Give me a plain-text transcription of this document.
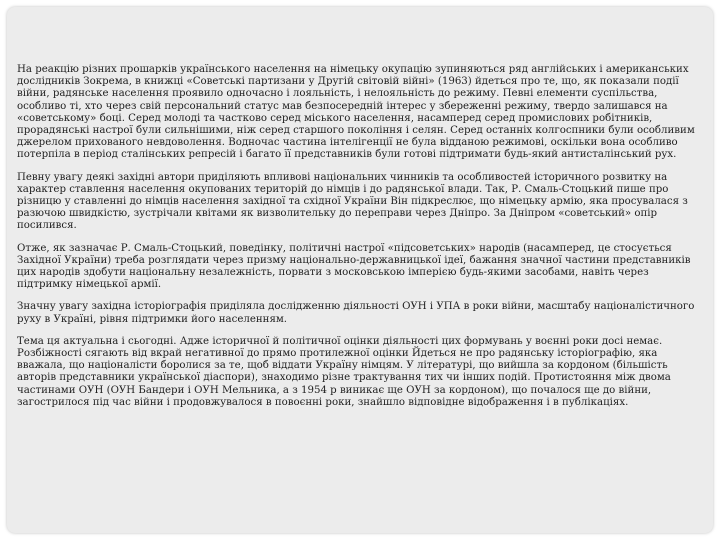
На реакцію різних прошарків українського населення на німецьку окупацію зупиняються ряд англійських і американських дослідників Зокрема, в книжці «Советські партизани у Другій світовій війні» (1963) йдеться про те, що, як показали події війни, радянське населення проявило одночасно і лояльність, і нелояльність до режиму. Певні елементи суспільства, особливо ті, хто через свій персональний статус мав безпосередній інтерес у збереженні режиму, твердо залишався на «советському» боці. Серед молоді та частково серед міського населення, насамперед серед промислових робітників, прорадянські настрої були сильнішими, ніж серед старшого покоління і селян. Серед останніх колгоспники були особливим джерелом прихованого невдоволення. Водночас частина інтелігенції не була відданою режимові, оскільки вона особливо потерпіла в період сталінських репресій і багато її представників були готові підтримати будь-який антисталінський рух.

Певну увагу деякі західні автори приділяють впливові національних чинників та особливостей історичного розвитку на характер ставлення населення окупованих територій до німців і до радянської влади. Так, Р. Смаль-Стоцький пише про різницю у ставленні до німців населення західної та східної України Він підкреслює, що німецьку армію, яка просувалася з разючою швидкістю, зустрічали квітами як визволительку до переправи через Дніпро. За Дніпром «советський» опір посилився.

Отже, як зазначає Р. Смаль-Стоцький, поведінку, політичні настрої «підсоветських» народів (насамперед, це стосується Західної України) треба розглядати через призму національно-державницької ідеї, бажання значної частини представників цих народів здобути національну незалежність, порвати з московською імперією будь-якими засобами, навіть через підтримку німецької армії.

Значну увагу західна історіографія приділяла дослідженню діяльності ОУН і УПА в роки війни, масштабу націоналістичного руху в Україні, рівня підтримки його населенням.

Тема ця актуальна і сьогодні. Адже історичної й політичної оцінки діяльності цих формувань у воєнні роки досі немає. Розбіжності сягають від вкрай негативної до прямо протилежної оцінки Йдеться не про радянську історіографію, яка вважала, що націоналісти боролися за те, щоб віддати Україну німцям. У літературі, що вийшла за кордоном (більшість авторів представники української діаспори), знаходимо різне трактування тих чи інших подій. Протистояння між двома частинами ОУН (ОУН Бандери і ОУН Мельника, а з 1954 р виникає ще ОУН за кордоном), що почалося ще до війни, загострилося під час війни і продовжувалося в повоєнні роки, знайшло відповідне відображення і в публікаціях.
